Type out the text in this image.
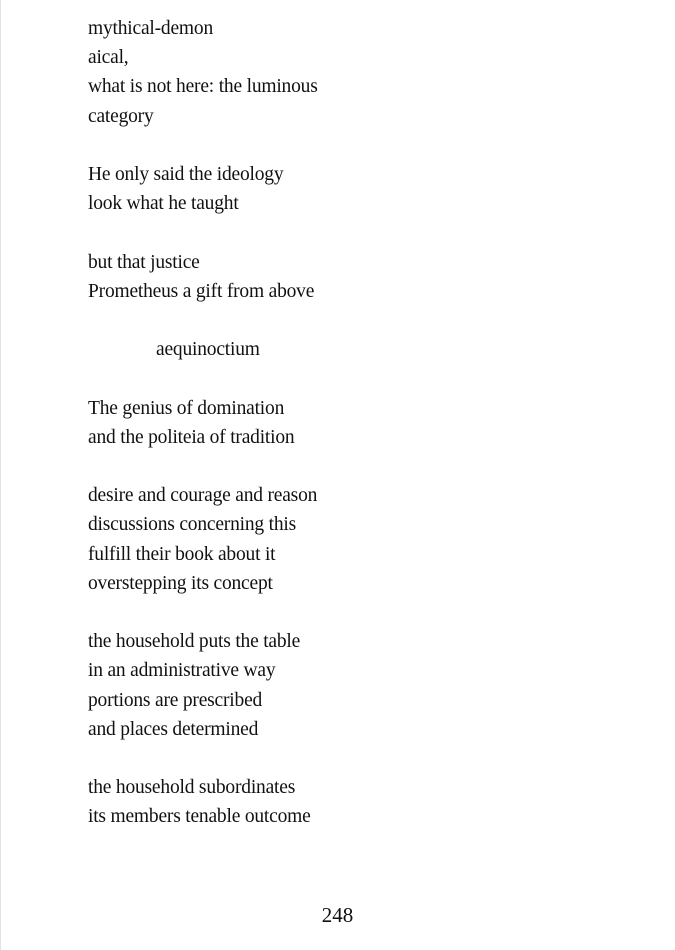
mythical-demon
aical,
what is not here: the luminous
category
He only said the ideology
look what he taught
but that justice
Prometheus a gift from above
aequinoctium
The genius of domination
and the politeia of tradition
desire and courage and reason
discussions concerning this
fulfill their book about it
overstepping its concept
the household puts the table
in an administrative way
portions are prescribed
and places determined
the household subordinates
its members tenable outcome
248
